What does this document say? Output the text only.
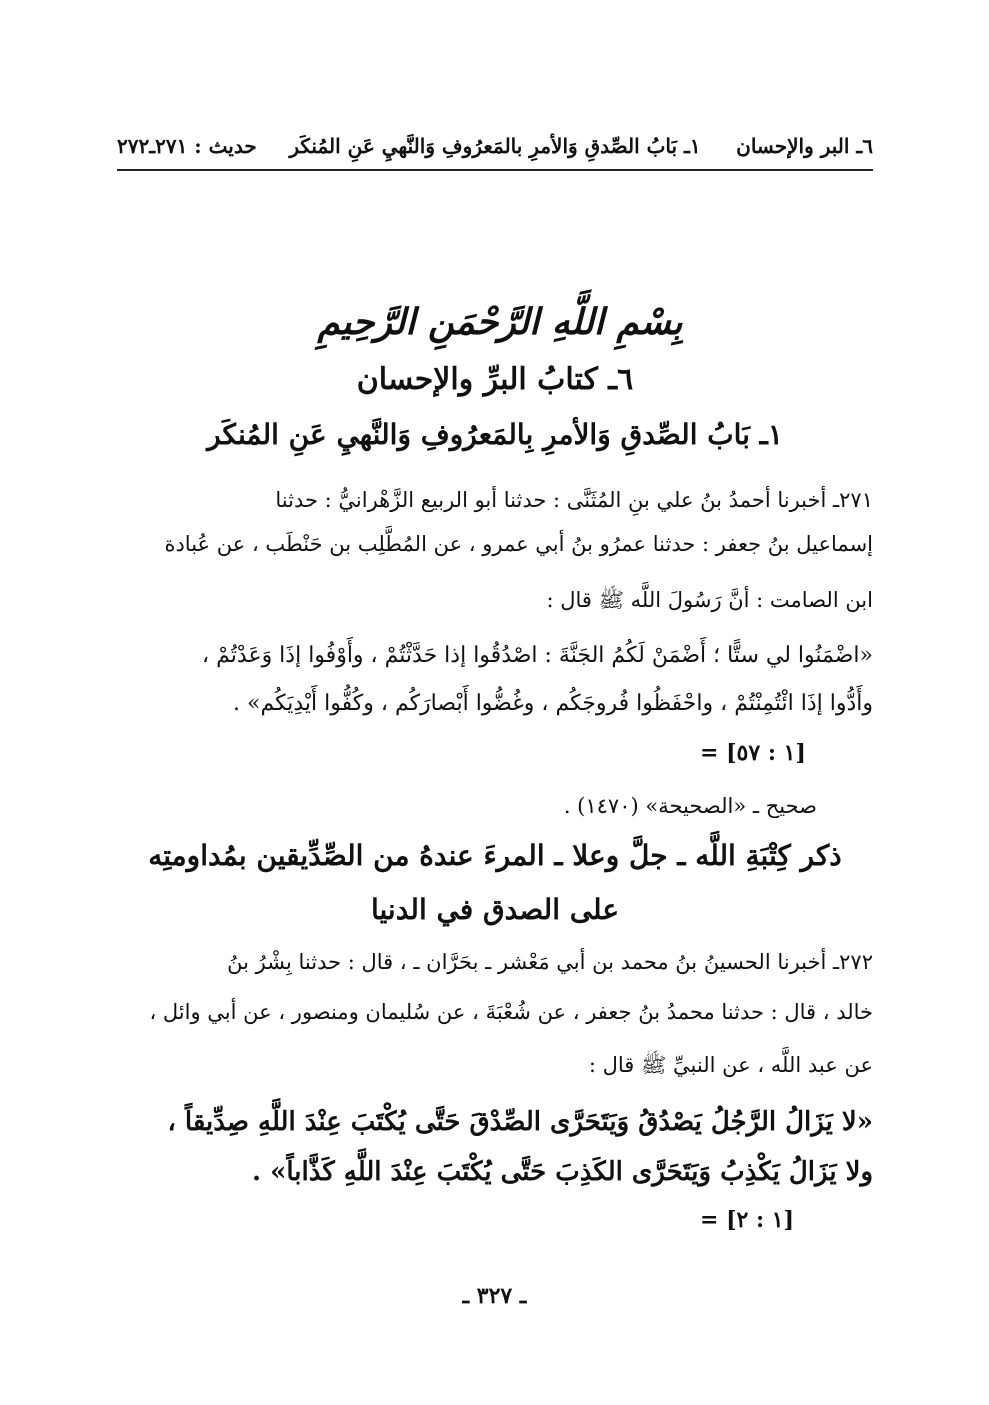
٦ـ البر والإحسان
١ـ بَابُ الصِّدقِ وَالأمرِ بالمَعرُوفِ وَالنَّهيِ عَنِ المُنكَر
حديث : ٢٧١ـ٢٧٢
بِسْمِ اللَّهِ الرَّحْمَنِ الرَّحِيمِ
٦ـ كتابُ البرِّ والإحسان
١ـ بَابُ الصِّدقِ وَالأمرِ بِالمَعرُوفِ وَالنَّهيِ عَنِ المُنكَر
٢٧١ـ أخبرنا أحمدُ بنُ علي بنِ المُثَنَّى : حدثنا أبو الربيع الزَّهْرانيُّ : حدثنا
إسماعيل بنُ جعفر : حدثنا عمرُو بنُ أبي عمرو ، عن المُطَّلِب بن حَنْطَب ، عن عُبادة
ابن الصامت : أنَّ رَسُولَ اللَّه ﷺ قال :
«اضْمَنُوا لي ستًّا ؛ أَضْمَنْ لَكُمُ الجَنَّةَ : اصْدُقُوا إذا حَدَّثْتُمْ ، وأَوْفُوا إذَا وَعَدْتُمْ ،
وأَدُّوا إذَا ائْتُمِنْتُمْ ، واحْفَظُوا فُروجَكُم ، وغُضُّوا أَبْصارَكُم ، وكُفُّوا أَيْدِيَكُم» .
= [١ : ٥٧]
صحيح ـ «الصحيحة» (١٤٧٠) .
ذكر كِتْبَةِ اللَّه ـ جلَّ وعلا ـ المرءَ عندهُ من الصِّدِّيقين بمُداومتِه
على الصدق في الدنيا
٢٧٢ـ أخبرنا الحسينُ بنُ محمد بن أبي مَعْشر ـ بحَرَّان ـ ، قال : حدثنا بِشْرُ بنُ
خالد ، قال : حدثنا محمدُ بنُ جعفر ، عن شُعْبَةَ ، عن سُليمان ومنصور ، عن أبي وائل ،
عن عبد اللَّه ، عن النبيِّ ﷺ قال :
«لا يَزَالُ الرَّجُلُ يَصْدُقُ وَيَتَحَرَّى الصِّدْقَ حَتَّى يُكْتَبَ عِنْدَ اللَّهِ صِدِّيقاً ،
ولا يَزَالُ يَكْذِبُ وَيَتَحَرَّى الكَذِبَ حَتَّى يُكْتَبَ عِنْدَ اللَّهِ كَذَّاباً» .
= [١ : ٢]
ـ ٣٢٧ ـ
